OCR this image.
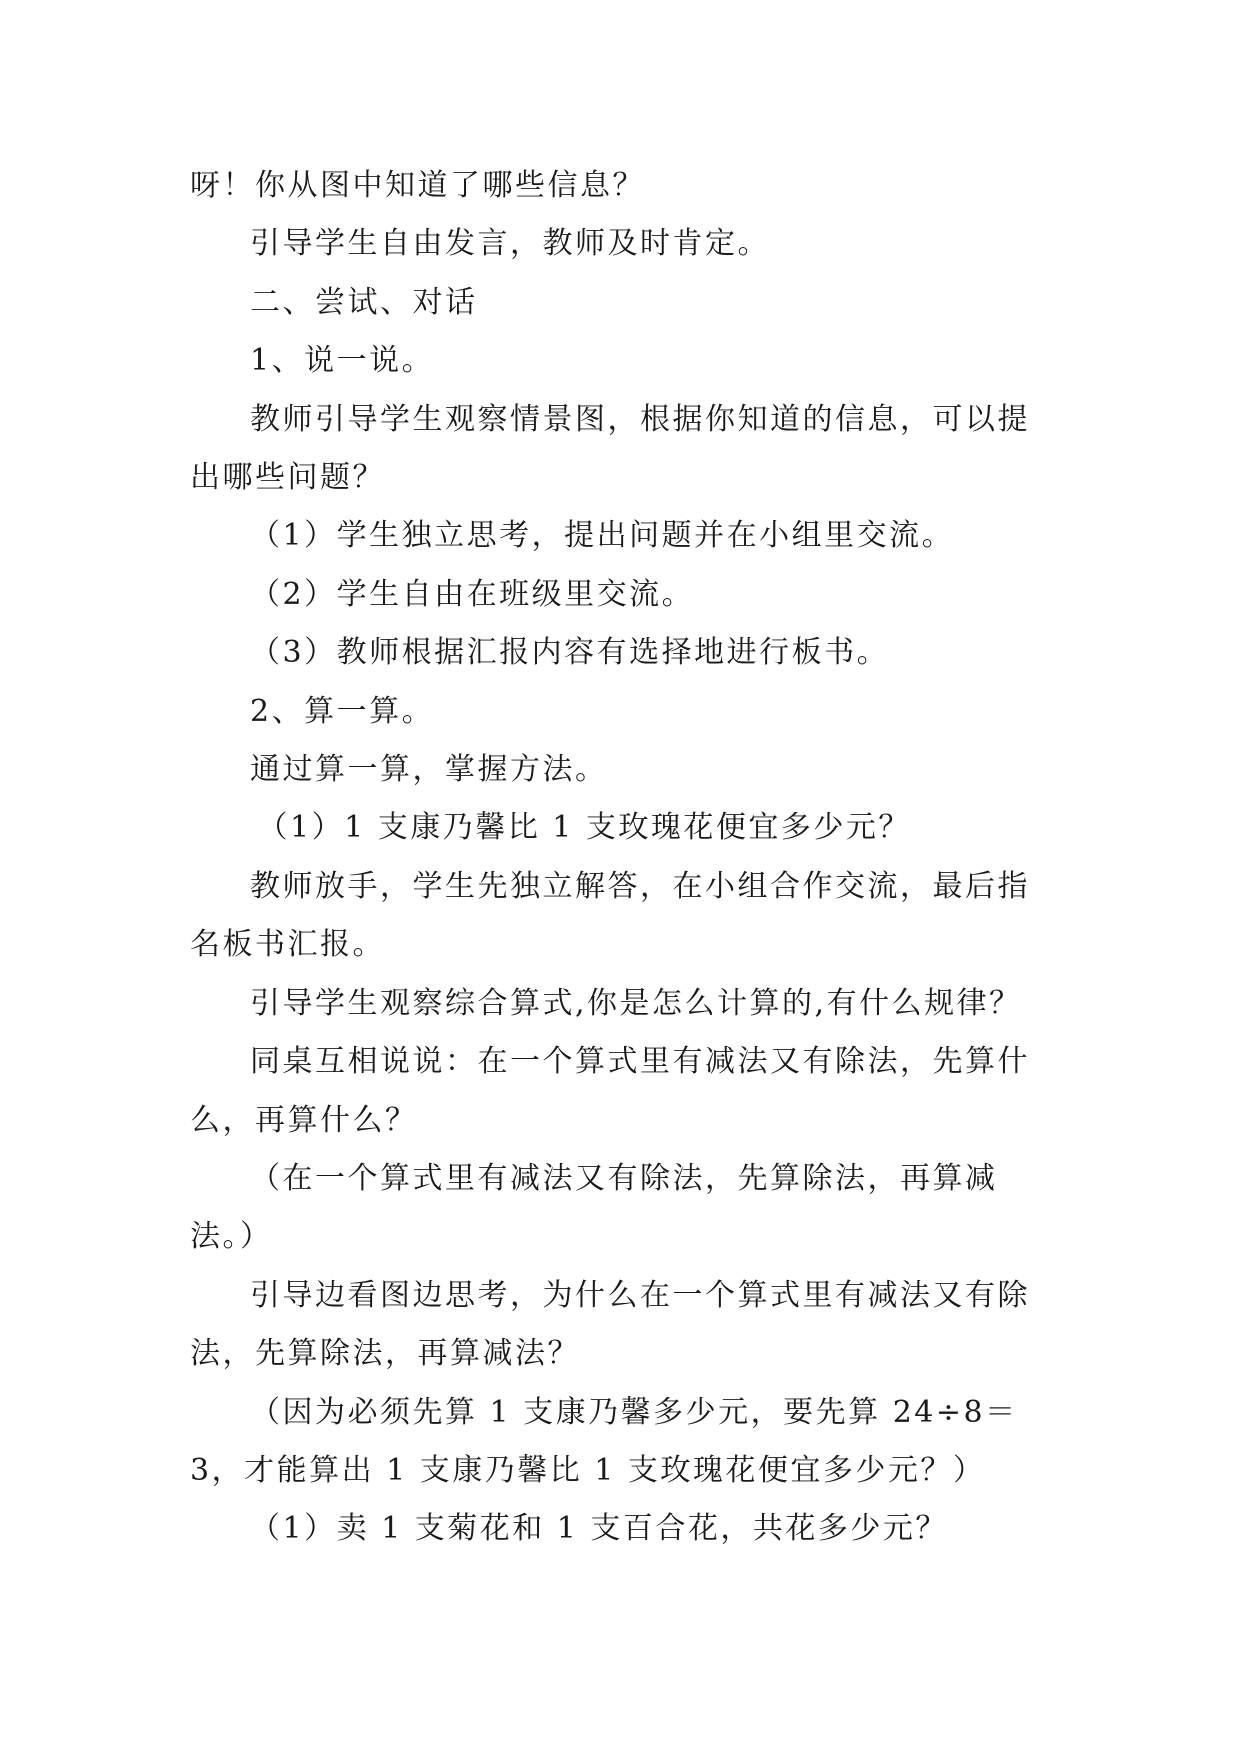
呀！你从图中知道了哪些信息？

引导学生自由发言，教师及时肯定。

二、尝试、对话

1、说一说。

教师引导学生观察情景图，根据你知道的信息，可以提出哪些问题？

（1）学生独立思考，提出问题并在小组里交流。

（2）学生自由在班级里交流。

（3）教师根据汇报内容有选择地进行板书。

2、算一算。

通过算一算，掌握方法。

（1）1 支康乃馨比 1 支玫瑰花便宜多少元？

教师放手，学生先独立解答，在小组合作交流，最后指名板书汇报。

引导学生观察综合算式,你是怎么计算的,有什么规律？

同桌互相说说：在一个算式里有减法又有除法，先算什么，再算什么？

（在一个算式里有减法又有除法，先算除法，再算减法。）

引导边看图边思考，为什么在一个算式里有减法又有除法，先算除法，再算减法？

（因为必须先算 1 支康乃馨多少元，要先算 24÷8＝3，才能算出 1 支康乃馨比 1 支玫瑰花便宜多少元？）

（1）卖 1 支菊花和 1 支百合花，共花多少元？
